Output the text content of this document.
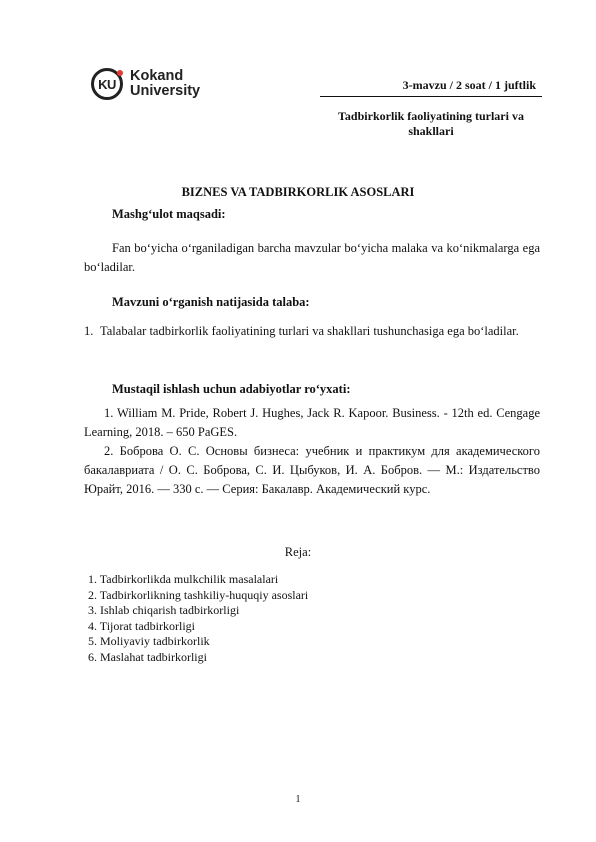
KU Kokand
University	3-mavzu / 2 soat / 1 juftlik
Tadbirkorlik faoliyatining turlari va shakllari
BIZNES VA TADBIRKORLIK ASOSLARI
Mashg‘ulot maqsadi:
Fan bo‘yicha o‘rganiladigan barcha mavzular bo‘yicha malaka va ko‘nikmalarga ega bo‘ladilar.
Mavzuni o‘rganish natijasida talaba:
1. Talabalar tadbirkorlik faoliyatining turlari va shakllari tushunchasiga ega bo‘ladilar.
Mustaqil ishlash uchun adabiyotlar ro‘yxati:
1. William M. Pride, Robert J. Hughes, Jack R. Kapoor. Business. - 12th ed. Cengage Learning, 2018. – 650 PaGES.
2. Боброва О. С. Основы бизнеса: учебник и практикум для академического бакалавриата / О. С. Боброва, С. И. Цыбуков, И. А. Бобров. — М.: Издательство Юрайт, 2016. — 330 с. — Серия: Бакалавр. Академический курс.
Reja:
1. Tadbirkorlikda mulkchilik masalalari
2. Tadbirkorlikning tashkiliy-huquqiy asoslari
3. Ishlab chiqarish tadbirkorligi
4. Tijorat tadbirkorligi
5. Moliyaviy tadbirkorlik
6. Maslahat tadbirkorligi
1
